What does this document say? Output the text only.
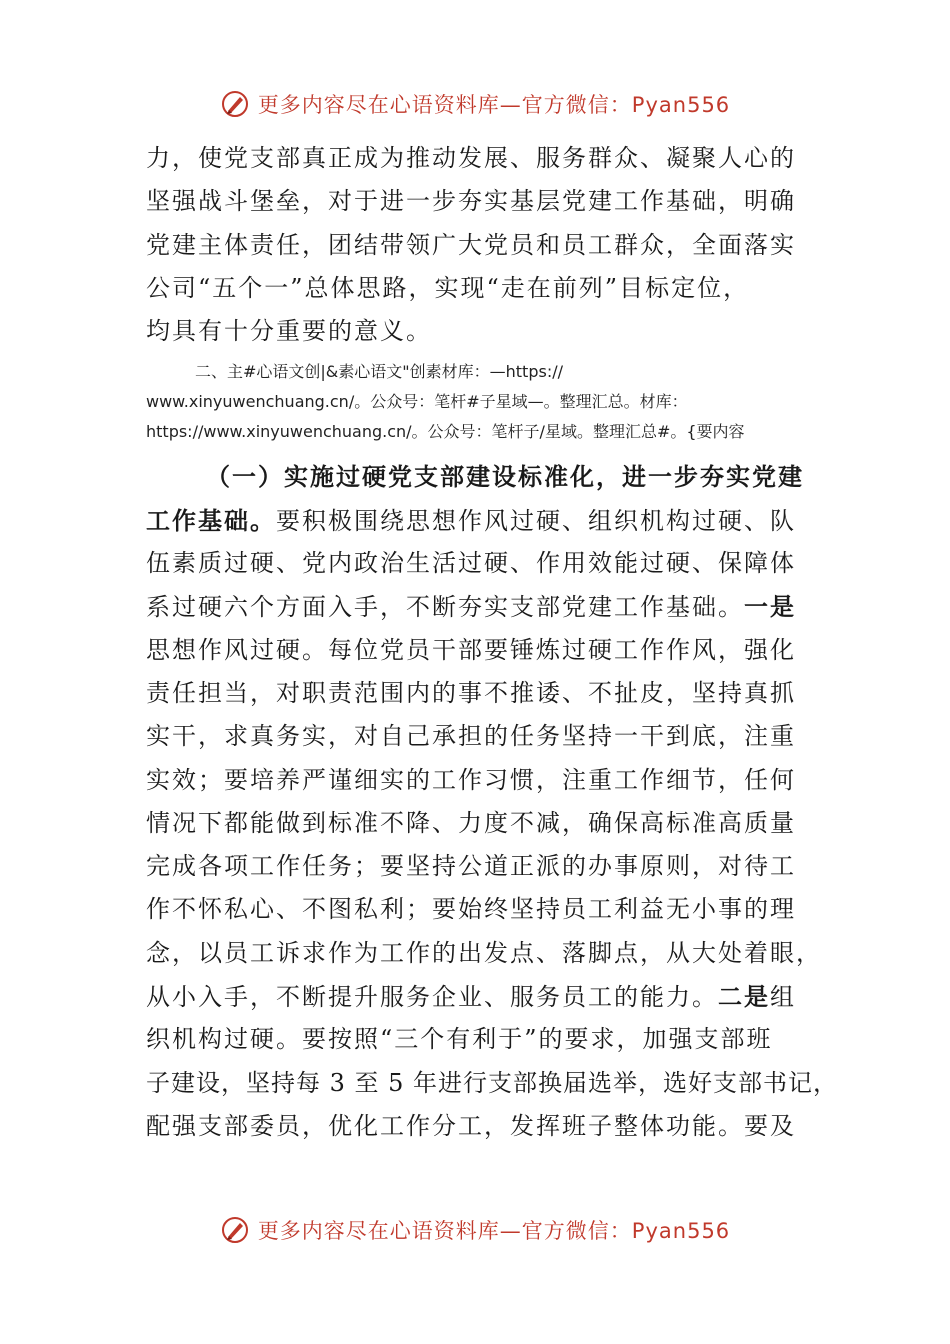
更多内容尽在心语资料库—官方微信：Pyan556
力，使党支部真正成为推动发展、服务群众、凝聚人心的
坚强战斗堡垒，对于进一步夯实基层党建工作基础，明确
党建主体责任，团结带领广大党员和员工群众，全面落实
公司“五个一”总体思路，实现“走在前列”目标定位，
均具有十分重要的意义。
二、主#心语文创|&素心语文"创素材库：—https://
www.xinyuwenchuang.cn/。公众号：笔杆#子星域—。整理汇总。材库：
https://www.xinyuwenchuang.cn/。公众号：笔杆子/星域。整理汇总#。{要内容
（一）实施过硬党支部建设标准化，进一步夯实党建
工作基础。要积极围绕思想作风过硬、组织机构过硬、队
伍素质过硬、党内政治生活过硬、作用效能过硬、保障体
系过硬六个方面入手，不断夯实支部党建工作基础。一是
思想作风过硬。每位党员干部要锤炼过硬工作作风，强化
责任担当，对职责范围内的事不推诿、不扯皮，坚持真抓
实干，求真务实，对自己承担的任务坚持一干到底，注重
实效；要培养严谨细实的工作习惯，注重工作细节，任何
情况下都能做到标准不降、力度不减，确保高标准高质量
完成各项工作任务；要坚持公道正派的办事原则，对待工
作不怀私心、不图私利；要始终坚持员工利益无小事的理
念，以员工诉求作为工作的出发点、落脚点，从大处着眼，
从小入手，不断提升服务企业、服务员工的能力。二是组
织机构过硬。要按照“三个有利于”的要求，加强支部班
子建设，坚持每 3 至 5 年进行支部换届选举，选好支部书记，
配强支部委员，优化工作分工，发挥班子整体功能。要及
更多内容尽在心语资料库—官方微信：Pyan556
